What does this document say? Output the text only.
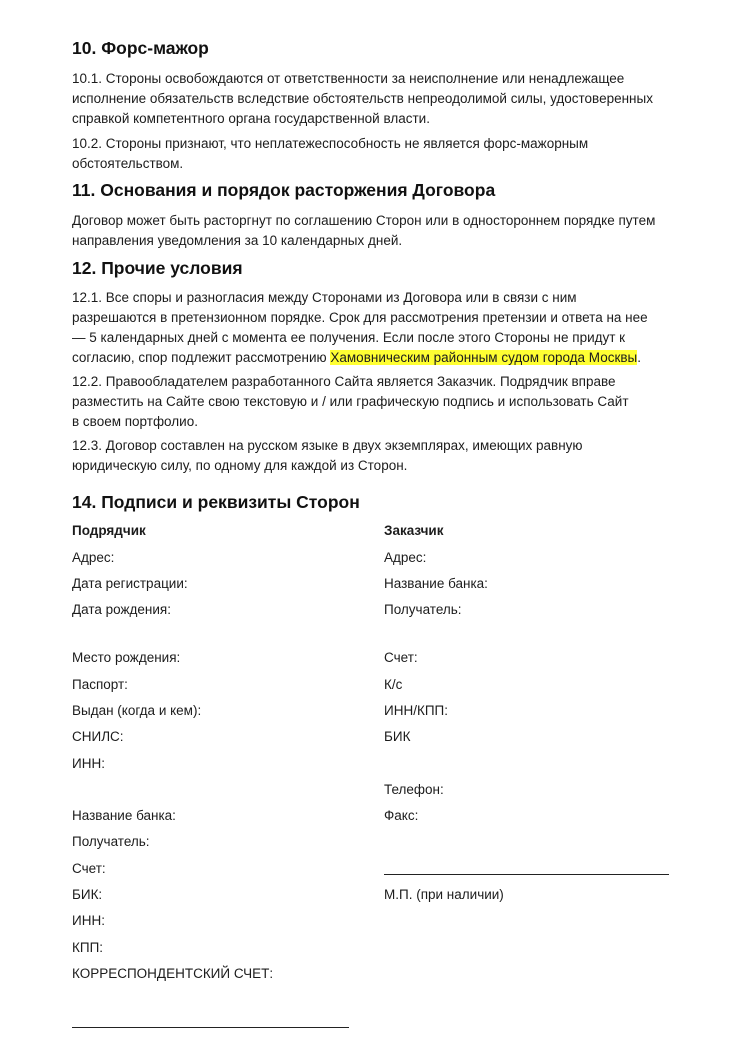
10. Форс-мажор

10.1. Стороны освобождаются от ответственности за неисполнение или ненадлежащее
исполнение обязательств вследствие обстоятельств непреодолимой силы, удостоверенных
справкой компетентного органа государственной власти.

10.2. Стороны признают, что неплатежеспособность не является форс-мажорным
обстоятельством.

11. Основания и порядок расторжения Договора

Договор может быть расторгнут по соглашению Сторон или в одностороннем порядке путем
направления уведомления за 10 календарных дней.

12. Прочие условия

12.1. Все споры и разногласия между Сторонами из Договора или в связи с ним
разрешаются в претензионном порядке. Срок для рассмотрения претензии и ответа на нее
— 5 календарных дней с момента ее получения. Если после этого Стороны не придут к
согласию, спор подлежит рассмотрению Хамовническим районным судом города Москвы.

12.2. Правообладателем разработанного Сайта является Заказчик. Подрядчик вправе
разместить на Сайте свою текстовую и / или графическую подпись и использовать Сайт
в своем портфолио.

12.3. Договор составлен на русском языке в двух экземплярах, имеющих равную
юридическую силу, по одному для каждой из Сторон.

14. Подписи и реквизиты Сторон

Подрядчик

Адрес:

Дата регистрации:

Дата рождения:

Место рождения:

Паспорт:

Выдан (когда и кем):

СНИЛС:

ИНН:

Название банка:

Получатель:

Счет:

БИК:

ИНН:

КПП:

КОРРЕСПОНДЕНТСКИЙ СЧЕТ:

Заказчик

Адрес:

Название банка:

Получатель:

Счет:

К/с

ИНН/КПП:

БИК

Телефон:

Факс:

М.П. (при наличии)
